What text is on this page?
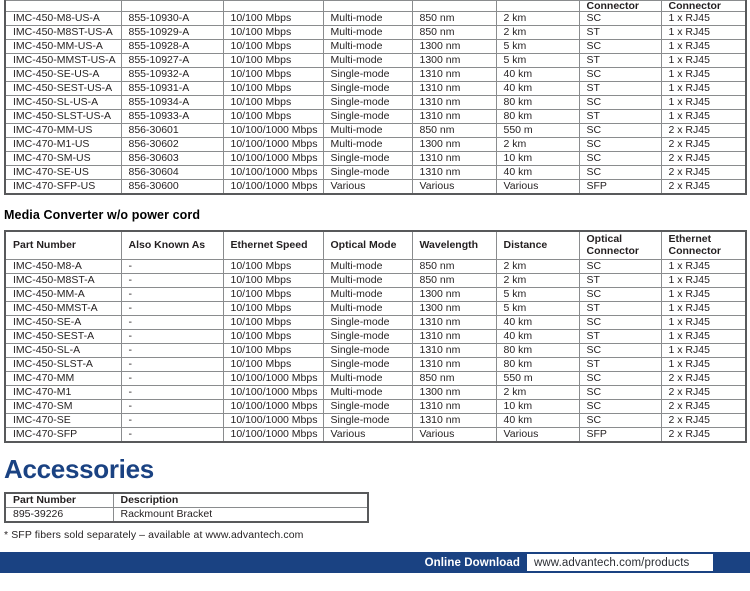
						Connector	Connector
IMC-450-M8-US-A	855-10930-A	10/100 Mbps	Multi-mode	850 nm	2 km	SC	1 x RJ45
IMC-450-M8ST-US-A	855-10929-A	10/100 Mbps	Multi-mode	850 nm	2 km	ST	1 x RJ45
IMC-450-MM-US-A	855-10928-A	10/100 Mbps	Multi-mode	1300 nm	5 km	SC	1 x RJ45
IMC-450-MMST-US-A	855-10927-A	10/100 Mbps	Multi-mode	1300 nm	5 km	ST	1 x RJ45
IMC-450-SE-US-A	855-10932-A	10/100 Mbps	Single-mode	1310 nm	40 km	SC	1 x RJ45
IMC-450-SEST-US-A	855-10931-A	10/100 Mbps	Single-mode	1310 nm	40 km	ST	1 x RJ45
IMC-450-SL-US-A	855-10934-A	10/100 Mbps	Single-mode	1310 nm	80 km	SC	1 x RJ45
IMC-450-SLST-US-A	855-10933-A	10/100 Mbps	Single-mode	1310 nm	80 km	ST	1 x RJ45
IMC-470-MM-US	856-30601	10/100/1000 Mbps	Multi-mode	850 nm	550 m	SC	2 x RJ45
IMC-470-M1-US	856-30602	10/100/1000 Mbps	Multi-mode	1300 nm	2 km	SC	2 x RJ45
IMC-470-SM-US	856-30603	10/100/1000 Mbps	Single-mode	1310 nm	10 km	SC	2 x RJ45
IMC-470-SE-US	856-30604	10/100/1000 Mbps	Single-mode	1310 nm	40 km	SC	2 x RJ45
IMC-470-SFP-US	856-30600	10/100/1000 Mbps	Various	Various	Various	SFP	2 x RJ45
Media Converter w/o power cord
Part Number	Also Known As	Ethernet Speed	Optical Mode	Wavelength	Distance	Optical Connector	Ethernet Connector
IMC-450-M8-A	-	10/100 Mbps	Multi-mode	850 nm	2 km	SC	1 x RJ45
IMC-450-M8ST-A	-	10/100 Mbps	Multi-mode	850 nm	2 km	ST	1 x RJ45
IMC-450-MM-A	-	10/100 Mbps	Multi-mode	1300 nm	5 km	SC	1 x RJ45
IMC-450-MMST-A	-	10/100 Mbps	Multi-mode	1300 nm	5 km	ST	1 x RJ45
IMC-450-SE-A	-	10/100 Mbps	Single-mode	1310 nm	40 km	SC	1 x RJ45
IMC-450-SEST-A	-	10/100 Mbps	Single-mode	1310 nm	40 km	ST	1 x RJ45
IMC-450-SL-A	-	10/100 Mbps	Single-mode	1310 nm	80 km	SC	1 x RJ45
IMC-450-SLST-A	-	10/100 Mbps	Single-mode	1310 nm	80 km	ST	1 x RJ45
IMC-470-MM	-	10/100/1000 Mbps	Multi-mode	850 nm	550 m	SC	2 x RJ45
IMC-470-M1	-	10/100/1000 Mbps	Multi-mode	1300 nm	2 km	SC	2 x RJ45
IMC-470-SM	-	10/100/1000 Mbps	Single-mode	1310 nm	10 km	SC	2 x RJ45
IMC-470-SE	-	10/100/1000 Mbps	Single-mode	1310 nm	40 km	SC	2 x RJ45
IMC-470-SFP	-	10/100/1000 Mbps	Various	Various	Various	SFP	2 x RJ45
Accessories
Part Number	Description
895-39226	Rackmount Bracket
* SFP fibers sold separately – available at www.advantech.com
Online Download www.advantech.com/products
